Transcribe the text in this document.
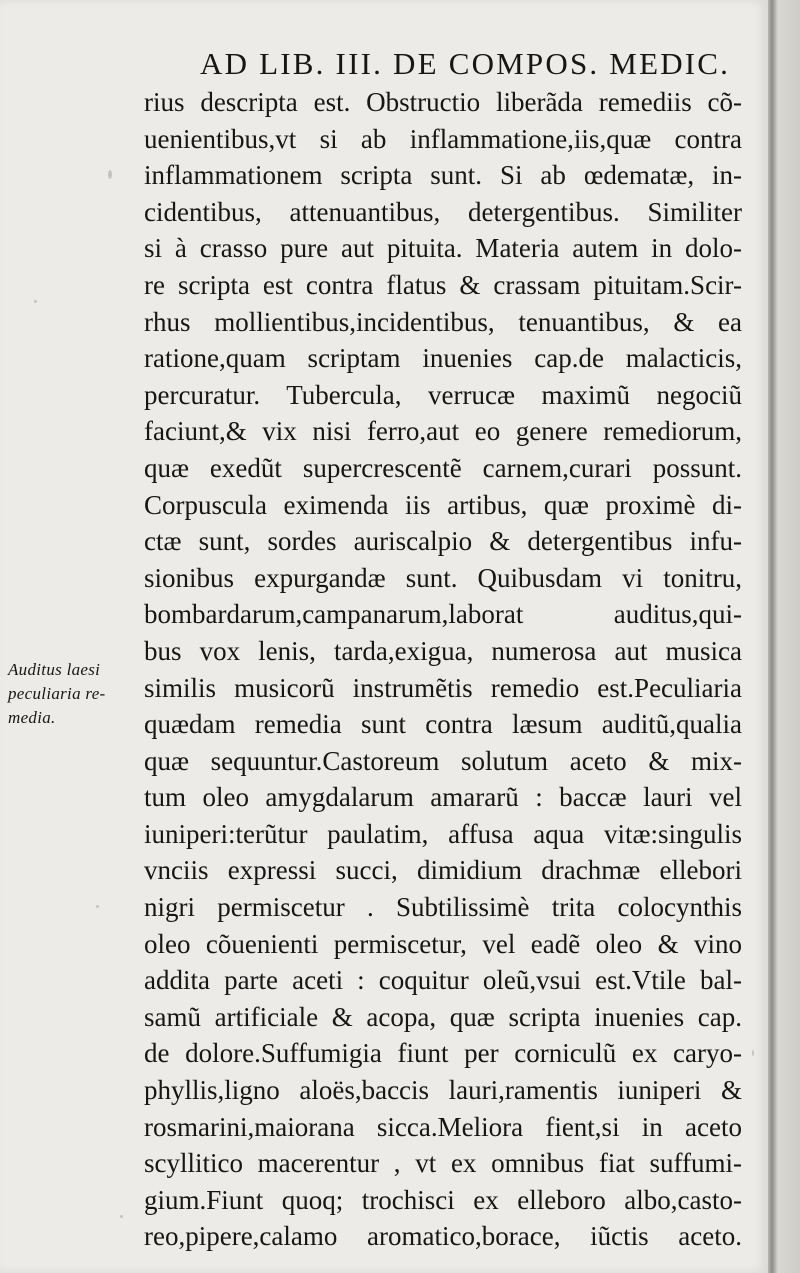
AD LIB. III. DE COMPOS. MEDIC.
Auditus laesi
peculiaria re-
media.
rius descripta est. Obstructio liberãda remediis cõ-
uenientibus,vt si ab inflammatione,iis,quæ contra
inflammationem scripta sunt. Si ab œdematæ, in-
cidentibus, attenuantibus, detergentibus. Similiter
si à crasso pure aut pituita. Materia autem in dolo-
re scripta est contra flatus & crassam pituitam.Scir-
rhus mollientibus,incidentibus, tenuantibus, & ea
ratione,quam scriptam inuenies cap.de malacticis,
percuratur. Tubercula, verrucæ maximũ negociũ
faciunt,& vix nisi ferro,aut eo genere remediorum,
quæ exedũt supercrescentẽ carnem,curari possunt.
Corpuscula eximenda iis artibus, quæ proximè di-
ctæ sunt, sordes auriscalpio & detergentibus infu-
sionibus expurgandæ sunt. Quibusdam vi tonitru,
bombardarum,campanarum,laborat auditus,qui-
bus vox lenis, tarda,exigua, numerosa aut musica
similis musicorũ instrumẽtis remedio est.Peculiaria
quædam remedia sunt contra læsum auditũ,qualia
quæ sequuntur.Castoreum solutum aceto & mix-
tum oleo amygdalarum amararũ : baccæ lauri vel
iuniperi:terũtur paulatim, affusa aqua vitæ:singulis
vnciis expressi succi, dimidium drachmæ ellebori
nigri permiscetur . Subtilissimè trita colocynthis
oleo cõuenienti permiscetur, vel eadẽ oleo & vino
addita parte aceti : coquitur oleũ,vsui est.Vtile bal-
samũ artificiale & acopa, quæ scripta inuenies cap.
de dolore.Suffumigia fiunt per corniculũ ex caryo-
phyllis,ligno aloës,baccis lauri,ramentis iuniperi &
rosmarini,maiorana sicca.Meliora fient,si in aceto
scyllitico macerentur , vt ex omnibus fiat suffumi-
gium.Fiunt quoq; trochisci ex elleboro albo,casto-
reo,pipere,calamo aromatico,borace, iũctis aceto.
